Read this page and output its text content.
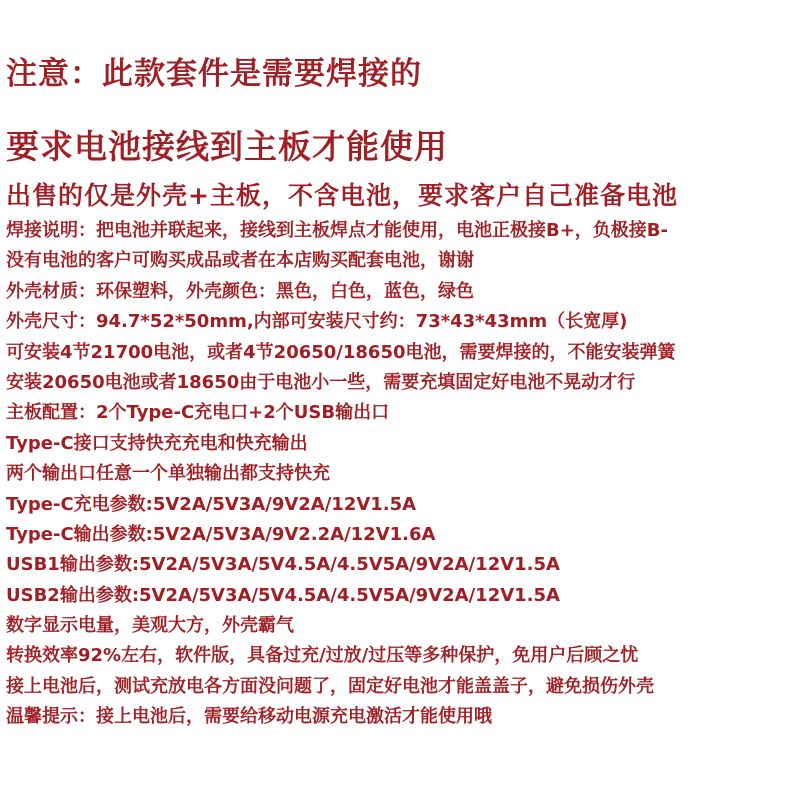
注意：此款套件是需要焊接的
要求电池接线到主板才能使用
出售的仅是外壳+主板，不含电池，要求客户自己准备电池
焊接说明：把电池并联起来，接线到主板焊点才能使用，电池正极接B+，负极接B-
没有电池的客户可购买成品或者在本店购买配套电池，谢谢
外壳材质：环保塑料，外壳颜色：黑色，白色，蓝色，绿色
外壳尺寸：94.7*52*50mm,内部可安装尺寸约：73*43*43mm（长宽厚)
可安装4节21700电池，或者4节20650/18650电池，需要焊接的，不能安装弹簧
安装20650电池或者18650由于电池小一些，需要充填固定好电池不晃动才行
主板配置：2个Type-C充电口+2个USB输出口
Type-C接口支持快充充电和快充输出
两个输出口任意一个单独输出都支持快充
Type-C充电参数:5V2A/5V3A/9V2A/12V1.5A
Type-C输出参数:5V2A/5V3A/9V2.2A/12V1.6A
USB1输出参数:5V2A/5V3A/5V4.5A/4.5V5A/9V2A/12V1.5A
USB2输出参数:5V2A/5V3A/5V4.5A/4.5V5A/9V2A/12V1.5A
数字显示电量，美观大方，外壳霸气
转换效率92%左右，软件版，具备过充/过放/过压等多种保护，免用户后顾之忧
接上电池后，测试充放电各方面没问题了，固定好电池才能盖盖子，避免损伤外壳
温馨提示：接上电池后，需要给移动电源充电激活才能使用哦
